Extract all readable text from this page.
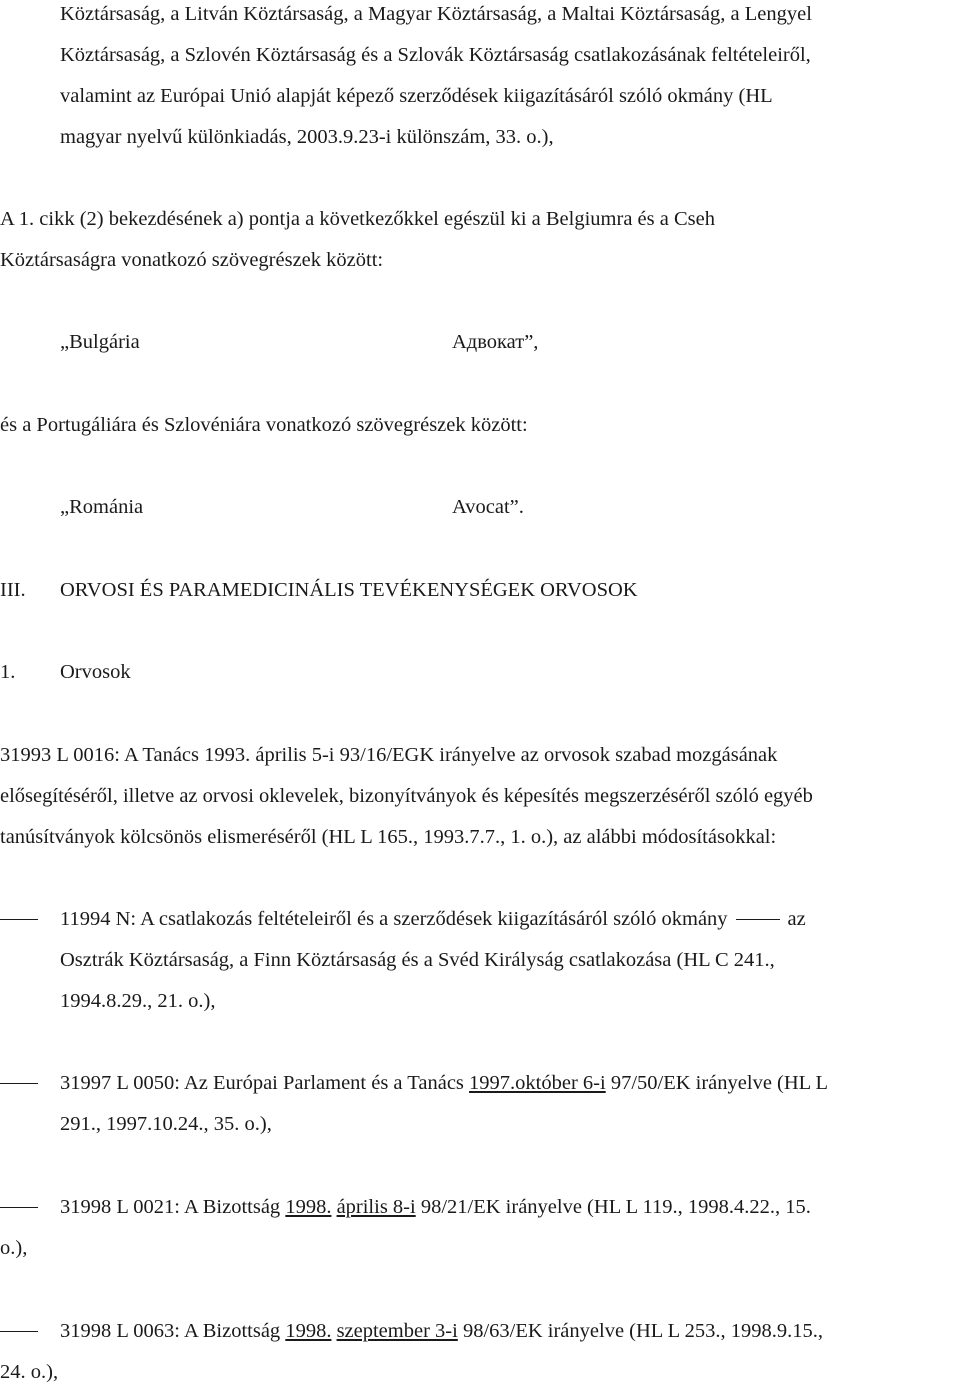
Köztársaság, a Litván Köztársaság, a Magyar Köztársaság, a Maltai Köztársaság, a Lengyel
Köztársaság, a Szlovén Köztársaság és a Szlovák Köztársaság csatlakozásának feltételeiről,
valamint az Európai Unió alapját képező szerződések kiigazításáról szóló okmány (HL
magyar nyelvű különkiadás, 2003.9.23-i különszám, 33. o.),
A 1. cikk (2) bekezdésének a) pontja a következőkkel egészül ki a Belgiumra és a Cseh
Köztársaságra vonatkozó szövegrészek között:
„Bulgária	Адвокат”,
és a Portugáliára és Szlovéniára vonatkozó szövegrészek között:
„Románia	Avocat”.
III. ORVOSI ÉS PARAMEDICINÁLIS TEVÉKENYSÉGEK ORVOSOK
1. Orvosok
31993 L 0016: A Tanács 1993. április 5-i 93/16/EGK irányelve az orvosok szabad mozgásának
elősegítéséről, illetve az orvosi oklevelek, bizonyítványok és képesítés megszerzéséről szóló egyéb
tanúsítványok kölcsönös elismeréséről (HL L 165., 1993.7.7., 1. o.), az alábbi módosításokkal:
11994 N: A csatlakozás feltételeiről és a szerződések kiigazításáról szóló okmány	az
Osztrák Köztársaság, a Finn Köztársaság és a Svéd Királyság csatlakozása (HL C 241.,
1994.8.29., 21. o.),
31997 L 0050: Az Európai Parlament és a Tanács 1997.október 6-i 97/50/EK irányelve (HL L
291., 1997.10.24., 35. o.),
31998 L 0021: A Bizottság 1998. április 8-i 98/21/EK irányelve (HL L 119., 1998.4.22., 15.
o.),
31998 L 0063: A Bizottság 1998. szeptember 3-i 98/63/EK irányelve (HL L 253., 1998.9.15.,
24. o.),
